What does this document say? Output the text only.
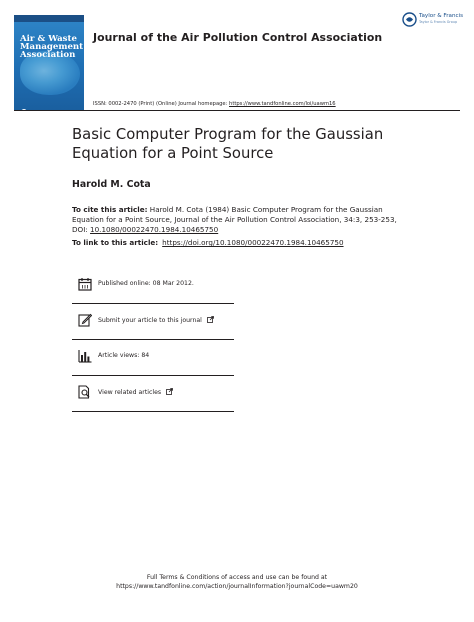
Air & Waste
Management
Association
Journal of the Air Pollution Control Association
Taylor & Francis
Taylor & Francis Group
ISSN: 0002-2470 (Print) (Online) Journal homepage: https://www.tandfonline.com/loi/uawm16
Basic Computer Program for the Gaussian Equation for a Point Source
Harold M. Cota
To cite this article: Harold M. Cota (1984) Basic Computer Program for the Gaussian Equation for a Point Source, Journal of the Air Pollution Control Association, 34:3, 253-253, DOI: 10.1080/00022470.1984.10465750
To link to this article: https://doi.org/10.1080/00022470.1984.10465750
Published online: 08 Mar 2012.
Submit your article to this journal
Article views: 84
View related articles
Full Terms & Conditions of access and use can be found at
https://www.tandfonline.com/action/journalInformation?journalCode=uawm20
